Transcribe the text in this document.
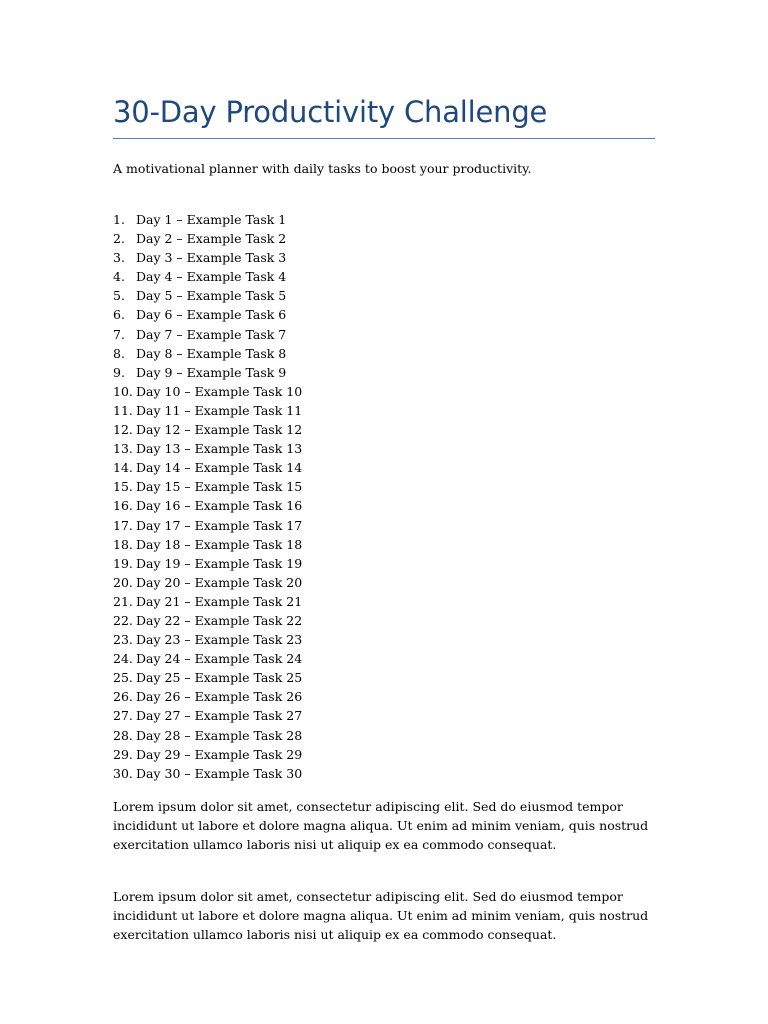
30-Day Productivity Challenge

A motivational planner with daily tasks to boost your productivity.

1. Day 1 – Example Task 1
2. Day 2 – Example Task 2
3. Day 3 – Example Task 3
4. Day 4 – Example Task 4
5. Day 5 – Example Task 5
6. Day 6 – Example Task 6
7. Day 7 – Example Task 7
8. Day 8 – Example Task 8
9. Day 9 – Example Task 9
10. Day 10 – Example Task 10
11. Day 11 – Example Task 11
12. Day 12 – Example Task 12
13. Day 13 – Example Task 13
14. Day 14 – Example Task 14
15. Day 15 – Example Task 15
16. Day 16 – Example Task 16
17. Day 17 – Example Task 17
18. Day 18 – Example Task 18
19. Day 19 – Example Task 19
20. Day 20 – Example Task 20
21. Day 21 – Example Task 21
22. Day 22 – Example Task 22
23. Day 23 – Example Task 23
24. Day 24 – Example Task 24
25. Day 25 – Example Task 25
26. Day 26 – Example Task 26
27. Day 27 – Example Task 27
28. Day 28 – Example Task 28
29. Day 29 – Example Task 29
30. Day 30 – Example Task 30

Lorem ipsum dolor sit amet, consectetur adipiscing elit. Sed do eiusmod tempor incididunt ut labore et dolore magna aliqua. Ut enim ad minim veniam, quis nostrud exercitation ullamco laboris nisi ut aliquip ex ea commodo consequat.

Lorem ipsum dolor sit amet, consectetur adipiscing elit. Sed do eiusmod tempor incididunt ut labore et dolore magna aliqua. Ut enim ad minim veniam, quis nostrud exercitation ullamco laboris nisi ut aliquip ex ea commodo consequat.
